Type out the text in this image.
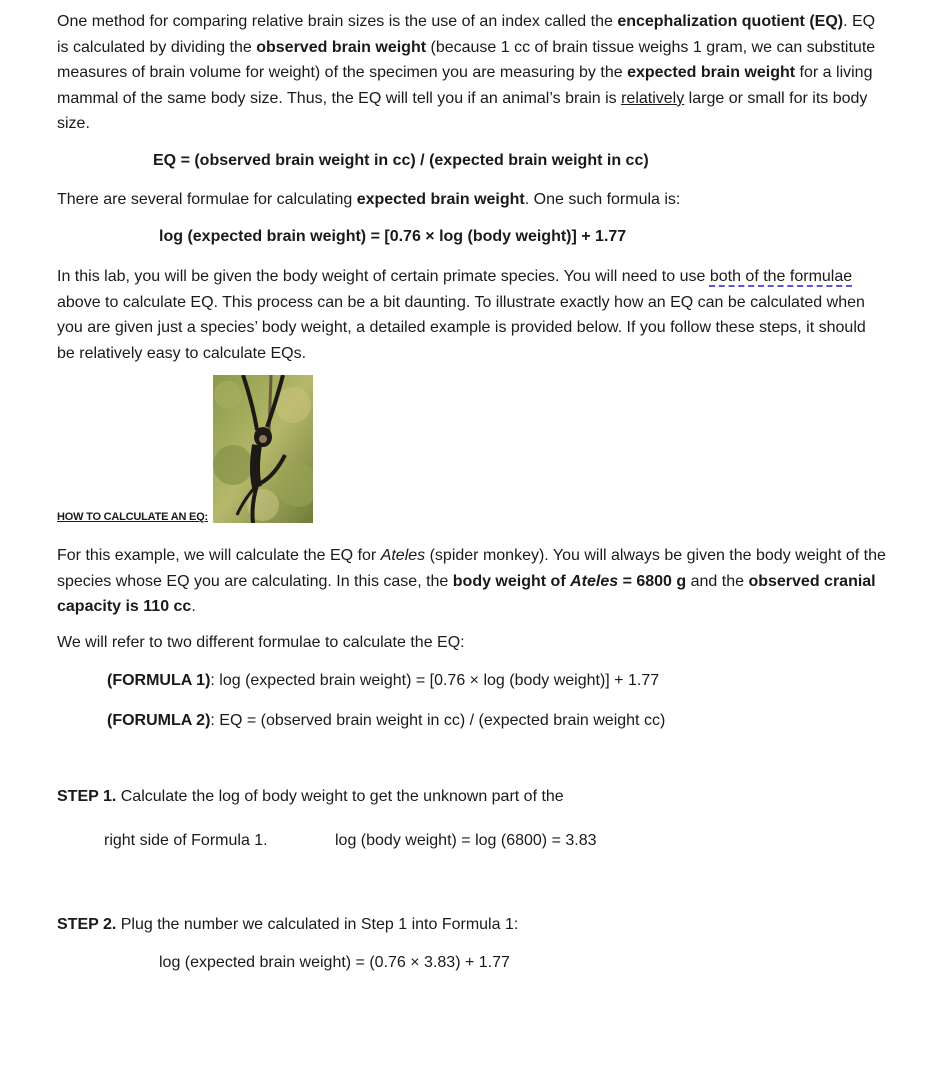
One method for comparing relative brain sizes is the use of an index called the encephalization quotient (EQ). EQ is calculated by dividing the observed brain weight (because 1 cc of brain tissue weighs 1 gram, we can substitute measures of brain volume for weight) of the specimen you are measuring by the expected brain weight for a living mammal of the same body size. Thus, the EQ will tell you if an animal’s brain is relatively large or small for its body size.

EQ = (observed brain weight in cc) / (expected brain weight in cc)

There are several formulae for calculating expected brain weight. One such formula is:

log (expected brain weight) = [0.76 × log (body weight)] + 1.77

In this lab, you will be given the body weight of certain primate species. You will need to use both of the formulae above to calculate EQ. This process can be a bit daunting. To illustrate exactly how an EQ can be calculated when you are given just a species’ body weight, a detailed example is provided below. If you follow these steps, it should be relatively easy to calculate EQs.

HOW TO CALCULATE AN EQ:

For this example, we will calculate the EQ for Ateles (spider monkey). You will always be given the body weight of the species whose EQ you are calculating. In this case, the body weight of Ateles = 6800 g and the observed cranial capacity is 110 cc.

We will refer to two different formulae to calculate the EQ:

(FORMULA 1): log (expected brain weight) = [0.76 × log (body weight)] + 1.77

(FORUMLA 2): EQ = (observed brain weight in cc) / (expected brain weight cc)

STEP 1. Calculate the log of body weight to get the unknown part of the

right side of Formula 1.	log (body weight) = log (6800) = 3.83

STEP 2. Plug the number we calculated in Step 1 into Formula 1:

log (expected brain weight) = (0.76 × 3.83) + 1.77
